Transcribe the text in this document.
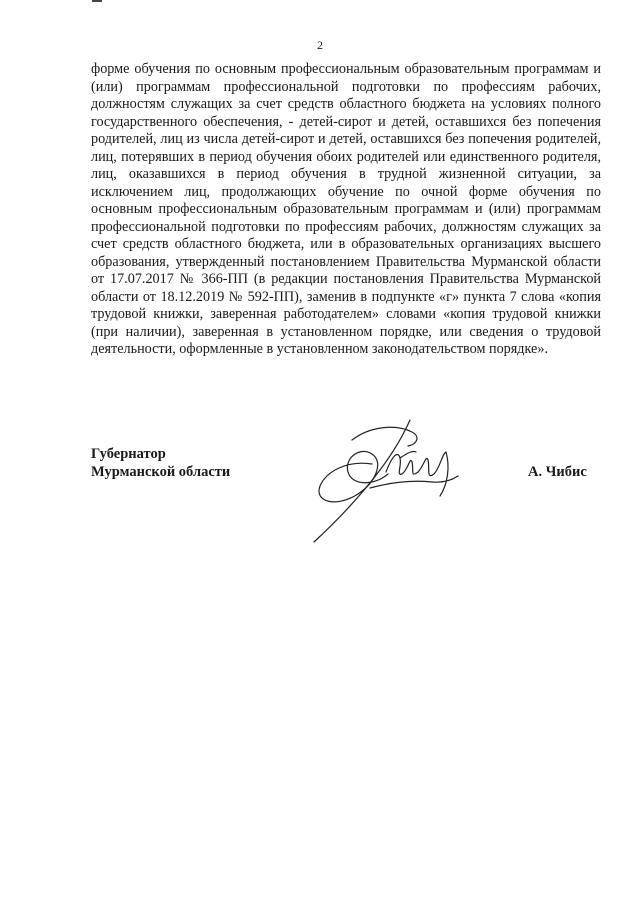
2

форме обучения по основным профессиональным образовательным программам и (или) программам профессиональной подготовки по профессиям рабочих, должностям служащих за счет средств областного бюджета на условиях полного государственного обеспечения, - детей-сирот и детей, оставшихся без попечения родителей, лиц из числа детей-сирот и детей, оставшихся без попечения родителей, лиц, потерявших в период обучения обоих родителей или единственного родителя, лиц, оказавшихся в период обучения в трудной жизненной ситуации, за исключением лиц, продолжающих обучение по очной форме обучения по основным профессиональным образовательным программам и (или) программам профессиональной подготовки по профессиям рабочих, должностям служащих за счет средств областного бюджета, или в образовательных организациях высшего образования, утвержденный постановлением Правительства Мурманской области от 17.07.2017 № 366-ПП (в редакции постановления Правительства Мурманской области от 18.12.2019 № 592-ПП), заменив в подпункте «г» пункта 7 слова «копия трудовой книжки, заверенная работодателем» словами «копия трудовой книжки (при наличии), заверенная в установленном порядке, или сведения о трудовой деятельности, оформленные в установленном законодательством порядке».

Губернатор
Мурманской области	А. Чибис
